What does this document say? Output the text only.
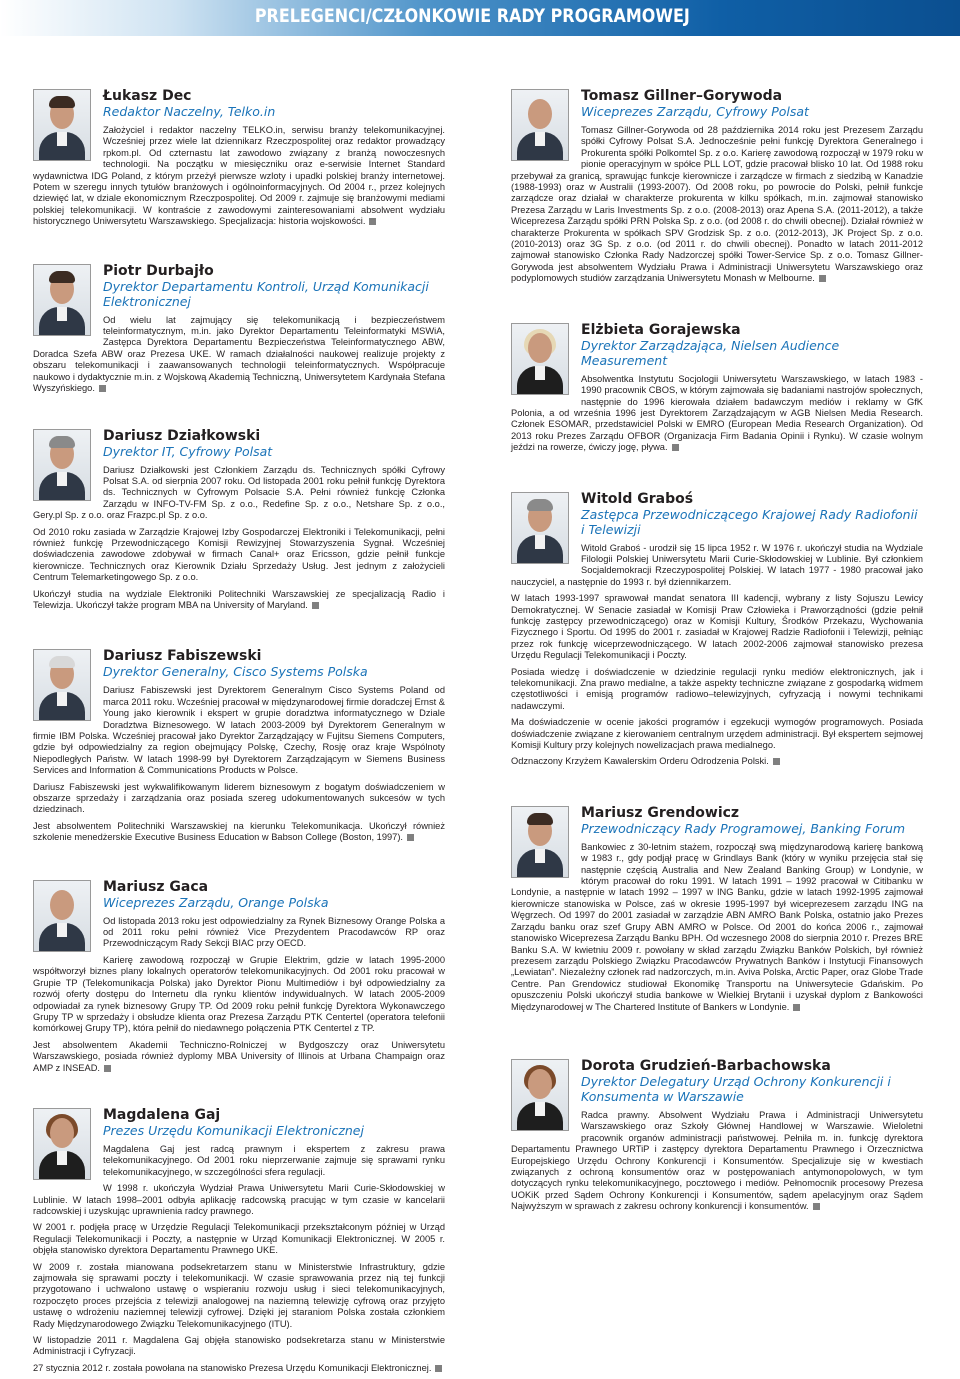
PRELEGENCI/CZŁONKOWIE RADY PROGRAMOWEJ
Łukasz Dec
Redaktor Naczelny, Telko.in

Założyciel i redaktor naczelny TELKO.in, serwisu branży telekomunikacyjnej. Wcześniej przez wiele lat dziennikarz Rzeczpospolitej oraz redaktor prowadzący rpkom.pl. Od czternastu lat zawodowo związany z branżą nowoczesnych technologii. Na początku w miesięczniku oraz e-serwisie Internet Standard wydawnictwa IDG Poland, z którym przeżył pierwsze wzloty i upadki polskiej branży internetowej. Potem w szeregu innych tytułów branżowych i ogólnoinformacyjnych. Od 2004 r., przez kolejnych dziewięć lat, w dziale ekonomicznym Rzeczpospolitej. Od 2009 r. zajmuje się branżowymi mediami polskiej telekomunikacji. W kontraście z zawodowymi zainteresowaniami absolwent wydziału historycznego Uniwersytetu Warszawskiego. Specjalizacja: historia wojskowości.

Piotr Durbajło
Dyrektor Departamentu Kontroli, Urząd Komunikacji Elektronicznej

Od wielu lat zajmujący się telekomunikacją i bezpieczeństwem teleinformatycznym, m.in. jako Dyrektor Departamentu Teleinformatyki MSWiA, Zastępca Dyrektora Departamentu Bezpieczeństwa Teleinformatycznego ABW, Doradca Szefa ABW oraz Prezesa UKE. W ramach działalności naukowej realizuje projekty z obszaru telekomunikacji i zaawansowanych technologii teleinformatycznych. Współpracuje naukowo i dydaktycznie m.in. z Wojskową Akademią Techniczną, Uniwersytetem Kardynała Stefana Wyszyńskiego.

Dariusz Działkowski
Dyrektor IT, Cyfrowy Polsat

Dariusz Działkowski jest Członkiem Zarządu ds. Technicznych spółki Cyfrowy Polsat S.A. od sierpnia 2007 roku. Od listopada 2001 roku pełnił funkcję Dyrektora ds. Technicznych w Cyfrowym Polsacie S.A. Pełni również funkcję Członka Zarządu w INFO-TV-FM Sp. z o.o., Redefine Sp. z o.o., Netshare Sp. z o.o., Gery.pl Sp. z o.o. oraz Frazpc.pl Sp. z o.o.

Od 2010 roku zasiada w Zarządzie Krajowej Izby Gospodarczej Elektroniki i Telekomunikacji, pełni również funkcję Przewodniczącego Komisji Rewizyjnej Stowarzyszenia Sygnał. Wcześniej doświadczenia zawodowe zdobywał w firmach Canal+ oraz Ericsson, gdzie pełnił funkcje kierownicze. Technicznych oraz Kierownik Działu Sprzedaży Usług. Jest jednym z założycieli Centrum Telemarketingowego Sp. z o.o.

Ukończył studia na wydziale Elektroniki Politechniki Warszawskiej ze specjalizacją Radio i Telewizja. Ukończył także program MBA na University of Maryland.

Dariusz Fabiszewski
Dyrektor Generalny, Cisco Systems Polska

Dariusz Fabiszewski jest Dyrektorem Generalnym Cisco Systems Poland od marca 2011 roku. Wcześniej pracował w międzynarodowej firmie doradczej Ernst & Young jako kierownik i ekspert w grupie doradztwa informatycznego w Dziale Doradztwa Biznesowego. W latach 2003-2009 był Dyrektorem Generalnym w firmie IBM Polska. Wcześniej pracował jako Dyrektor Zarządzający w Fujitsu Siemens Computers, gdzie był odpowiedzialny za region obejmujący Polskę, Czechy, Rosję oraz kraje Wspólnoty Niepodległych Państw. W latach 1998-99 był Dyrektorem Zarządzającym w Siemens Business Services and Information & Communications Products w Polsce.

Dariusz Fabiszewski jest wykwalifikowanym liderem biznesowym z bogatym doświadczeniem w obszarze sprzedaży i zarządzania oraz posiada szereg udokumentowanych sukcesów w tych dziedzinach.

Jest absolwentem Politechniki Warszawskiej na kierunku Telekomunikacja. Ukończył również szkolenie menedżerskie Executive Business Education w Babson College (Boston, 1997).

Mariusz Gaca
Wiceprezes Zarządu, Orange Polska

Od listopada 2013 roku jest odpowiedzialny za Rynek Biznesowy Orange Polska a od 2011 roku pełni również Vice Prezydentem Pracodawców RP oraz Przewodniczącym Rady Sekcji BIAC przy OECD.

Karierę zawodową rozpoczął w Grupie Elektrim, gdzie w latach 1995-2000 współtworzył biznes plany lokalnych operatorów telekomunikacyjnych. Od 2001 roku pracował w Grupie TP (Telekomunikacja Polska) jako Dyrektor Pionu Multimediów i był odpowiedzialny za rozwój oferty dostępu do Internetu dla rynku klientów indywidualnych. W latach 2005-2009 odpowiadał za rynek biznesowy Grupy TP. Od 2009 roku pełnił funkcję Dyrektora Wykonawczego Grupy TP w sprzedaży i obsłudze klienta oraz Prezesa Zarządu PTK Centertel (operatora telefonii komórkowej Grupy TP), która pełnił do niedawnego połączenia PTK Centertel z TP.

Jest absolwentem Akademii Techniczno-Rolniczej w Bydgoszczy oraz Uniwersytetu Warszawskiego, posiada również dyplomy MBA University of Illinois at Urbana Champaign oraz AMP z INSEAD.

Magdalena Gaj
Prezes Urzędu Komunikacji Elektronicznej

Magdalena Gaj jest radcą prawnym i ekspertem z zakresu prawa telekomunikacyjnego. Od 2001 roku nieprzerwanie zajmuje się sprawami rynku telekomunikacyjnego, w szczególności sfera regulacji.

W 1998 r. ukończyła Wydział Prawa Uniwersytetu Marii Curie-Skłodowskiej w Lublinie. W latach 1998–2001 odbyła aplikację radcowską pracując w tym czasie w kancelarii radcowskiej i uzyskując uprawnienia radcy prawnego.

W 2001 r. podjęła pracę w Urzędzie Regulacji Telekomunikacji przekształconym później w Urząd Regulacji Telekomunikacji i Poczty, a następnie w Urząd Komunikacji Elektronicznej. W 2005 r. objęła stanowisko dyrektora Departamentu Prawnego UKE.

W 2009 r. została mianowana podsekretarzem stanu w Ministerstwie Infrastruktury, gdzie zajmowała się sprawami poczty i telekomunikacji. W czasie sprawowania przez nią tej funkcji przygotowano i uchwalono ustawę o wspieraniu rozwoju usług i sieci telekomunikacyjnych, rozpoczęto proces przejścia z telewizji analogowej na naziemną telewizję cyfrową oraz przyjęto ustawę o wdrożeniu naziemnej telewizji cyfrowej. Dzięki jej staraniom Polska została członkiem Rady Międzynarodowego Związku Telekomunikacyjnego (ITU).

W listopadzie 2011 r. Magdalena Gaj objęła stanowisko podsekretarza stanu w Ministerstwie Administracji i Cyfryzacji.

27 stycznia 2012 r. została powołana na stanowisko Prezesa Urzędu Komunikacji Elektronicznej.

Tomasz Gillner–Gorywoda
Wiceprezes Zarządu, Cyfrowy Polsat

Tomasz Gillner-Gorywoda od 28 października 2014 roku jest Prezesem Zarządu spółki Cyfrowy Polsat S.A. Jednocześnie pełni funkcję Dyrektora Generalnego i Prokurenta spółki Polkomtel Sp. z o.o. Karierę zawodową rozpoczął w 1979 roku w pionie operacyjnym w spółce PLL LOT, gdzie pracował blisko 10 lat. Od 1988 roku przebywał za granicą, sprawując funkcje kierownicze i zarządcze w firmach z siedzibą w Kanadzie (1988-1993) oraz w Australii (1993-2007). Od 2008 roku, po powrocie do Polski, pełnił funkcje zarządcze oraz działał w charakterze prokurenta w kilku spółkach, m.in. zajmował stanowisko Prezesa Zarządu w Laris Investments Sp. z o.o. (2008-2013) oraz Apena S.A. (2011-2012), a także Wiceprezesa Zarządu spółki PRN Polska Sp. z o.o. (od 2008 r. do chwili obecnej). Działał również w charakterze Prokurenta w spółkach SPV Grodzisk Sp. z o.o. (2012-2013), JK Project Sp. z o.o. (2010-2013) oraz 3G Sp. z o.o. (od 2011 r. do chwili obecnej). Ponadto w latach 2011-2012 zajmował stanowisko Członka Rady Nadzorczej spółki Tower-Service Sp. z o.o. Tomasz Gillner-Gorywoda jest absolwentem Wydziału Prawa i Administracji Uniwersytetu Warszawskiego oraz podyplomowych studiów zarządzania Uniwersytetu Monash w Melbourne.

Elżbieta Gorajewska
Dyrektor Zarządzająca, Nielsen Audience Measurement

Absolwentka Instytutu Socjologii Uniwersytetu Warszawskiego, w latach 1983 - 1990 pracownik CBOS, w którym zajmowała się badaniami nastrojów społecznych, następnie do 1996 kierowała działem badawczym mediów i reklamy w GfK Polonia, a od września 1996 jest Dyrektorem Zarządzającym w AGB Nielsen Media Research. Członek ESOMAR, przedstawiciel Polski w EMRO (European Media Research Organization). Od 2013 roku Prezes Zarządu OFBOR (Organizacja Firm Badania Opinii i Rynku). W czasie wolnym jeździ na rowerze, ćwiczy jogę, pływa.

Witold Graboś
Zastępca Przewodniczącego Krajowej Rady Radiofonii i Telewizji

Witold Graboś - urodził się 15 lipca 1952 r. W 1976 r. ukończył studia na Wydziale Filologii Polskiej Uniwersytetu Marii Curie-Skłodowskiej w Lublinie. Był członkiem Socjaldemokracji Rzeczypospolitej Polskiej. W latach 1977 - 1980 pracował jako nauczyciel, a następnie do 1993 r. był dziennikarzem.

W latach 1993-1997 sprawował mandat senatora III kadencji, wybrany z listy Sojuszu Lewicy Demokratycznej. W Senacie zasiadał w Komisji Praw Człowieka i Praworządności (gdzie pełnił funkcję zastępcy przewodniczącego) oraz w Komisji Kultury, Środków Przekazu, Wychowania Fizycznego i Sportu. Od 1995 do 2001 r. zasiadał w Krajowej Radzie Radiofonii i Telewizji, pełniąc przez rok funkcję wiceprzewodniczącego. W latach 2002-2006 zajmował stanowisko prezesa Urzędu Regulacji Telekomunikacji i Poczty.

Posiada wiedzę i doświadczenie w dziedzinie regulacji rynku mediów elektronicznych, jak i telekomunikacji. Zna prawo medialne, a także aspekty techniczne związane z gospodarką widmem częstotliwości i emisją programów radiowo–telewizyjnych, cyfryzacją i nowymi technikami nadawczymi.

Ma doświadczenie w ocenie jakości programów i egzekucji wymogów programowych. Posiada doświadczenie związane z kierowaniem centralnym urzędem administracji. Był ekspertem sejmowej Komisji Kultury przy kolejnych nowelizacjach prawa medialnego.

Odznaczony Krzyżem Kawalerskim Orderu Odrodzenia Polski.

Mariusz Grendowicz
Przewodniczący Rady Programowej, Banking Forum

Bankowiec z 30-letnim stażem, rozpoczął swą międzynarodową karierę bankową w 1983 r., gdy podjął pracę w Grindlays Bank (który w wyniku przejęcia stał się następnie częścią Australia and New Zealand Banking Group) w Londynie, w którym pracował do roku 1991. W latach 1991 – 1992 pracował w Citibanku w Londynie, a następnie w latach 1992 – 1997 w ING Banku, gdzie w latach 1992-1995 zajmował kierownicze stanowiska w Polsce, zaś w okresie 1995-1997 był wiceprezesem zarządu ING na Węgrzech. Od 1997 do 2001 zasiadał w zarządzie ABN AMRO Bank Polska, ostatnio jako Prezes Zarządu banku oraz szef Grupy ABN AMRO w Polsce. Od 2001 do końca 2006 r., zajmował stanowisko Wiceprezesa Zarządu Banku BPH. Od wczesnego 2008 do sierpnia 2010 r. Prezes BRE Banku S.A. W kwietniu 2009 r. powołany w skład zarządu Związku Banków Polskich, był również prezesem zarządu Polskiego Związku Pracodawców Prywatnych Banków i Instytucji Finansowych „Lewiatan”. Niezależny członek rad nadzorczych, m.in. Aviva Polska, Arctic Paper, oraz Globe Trade Centre. Pan Grendowicz studiował Ekonomikę Transportu na Uniwersytecie Gdańskim. Po opuszczeniu Polski ukończył studia bankowe w Wielkiej Brytanii i uzyskał dyplom z Bankowości Międzynarodowej w The Chartered Institute of Bankers w Londynie.

Dorota Grudzień-Barbachowska
Dyrektor Delegatury Urząd Ochrony Konkurencji i Konsumenta w Warszawie

Radca prawny. Absolwent Wydziału Prawa i Administracji Uniwersytetu Warszawskiego oraz Szkoły Głównej Handlowej w Warszawie. Wieloletni pracownik organów administracji państwowej. Pełniła m. in. funkcję dyrektora Departamentu Prawnego URTiP i zastępcy dyrektora Departamentu Prawnego i Orzecznictwa Europejskiego Urzędu Ochrony Konkurencji i Konsumentów. Specjalizuje się w kwestiach związanych z ochroną konsumentów oraz w postępowaniach antymonopolowych, w tym dotyczących rynku telekomunikacyjnego, pocztowego i mediów. Pełnomocnik procesowy Prezesa UOKiK przed Sądem Ochrony Konkurencji i Konsumentów, sądem apelacyjnym oraz Sądem Najwyższym w sprawach z zakresu ochrony konkurencji i konsumentów.
